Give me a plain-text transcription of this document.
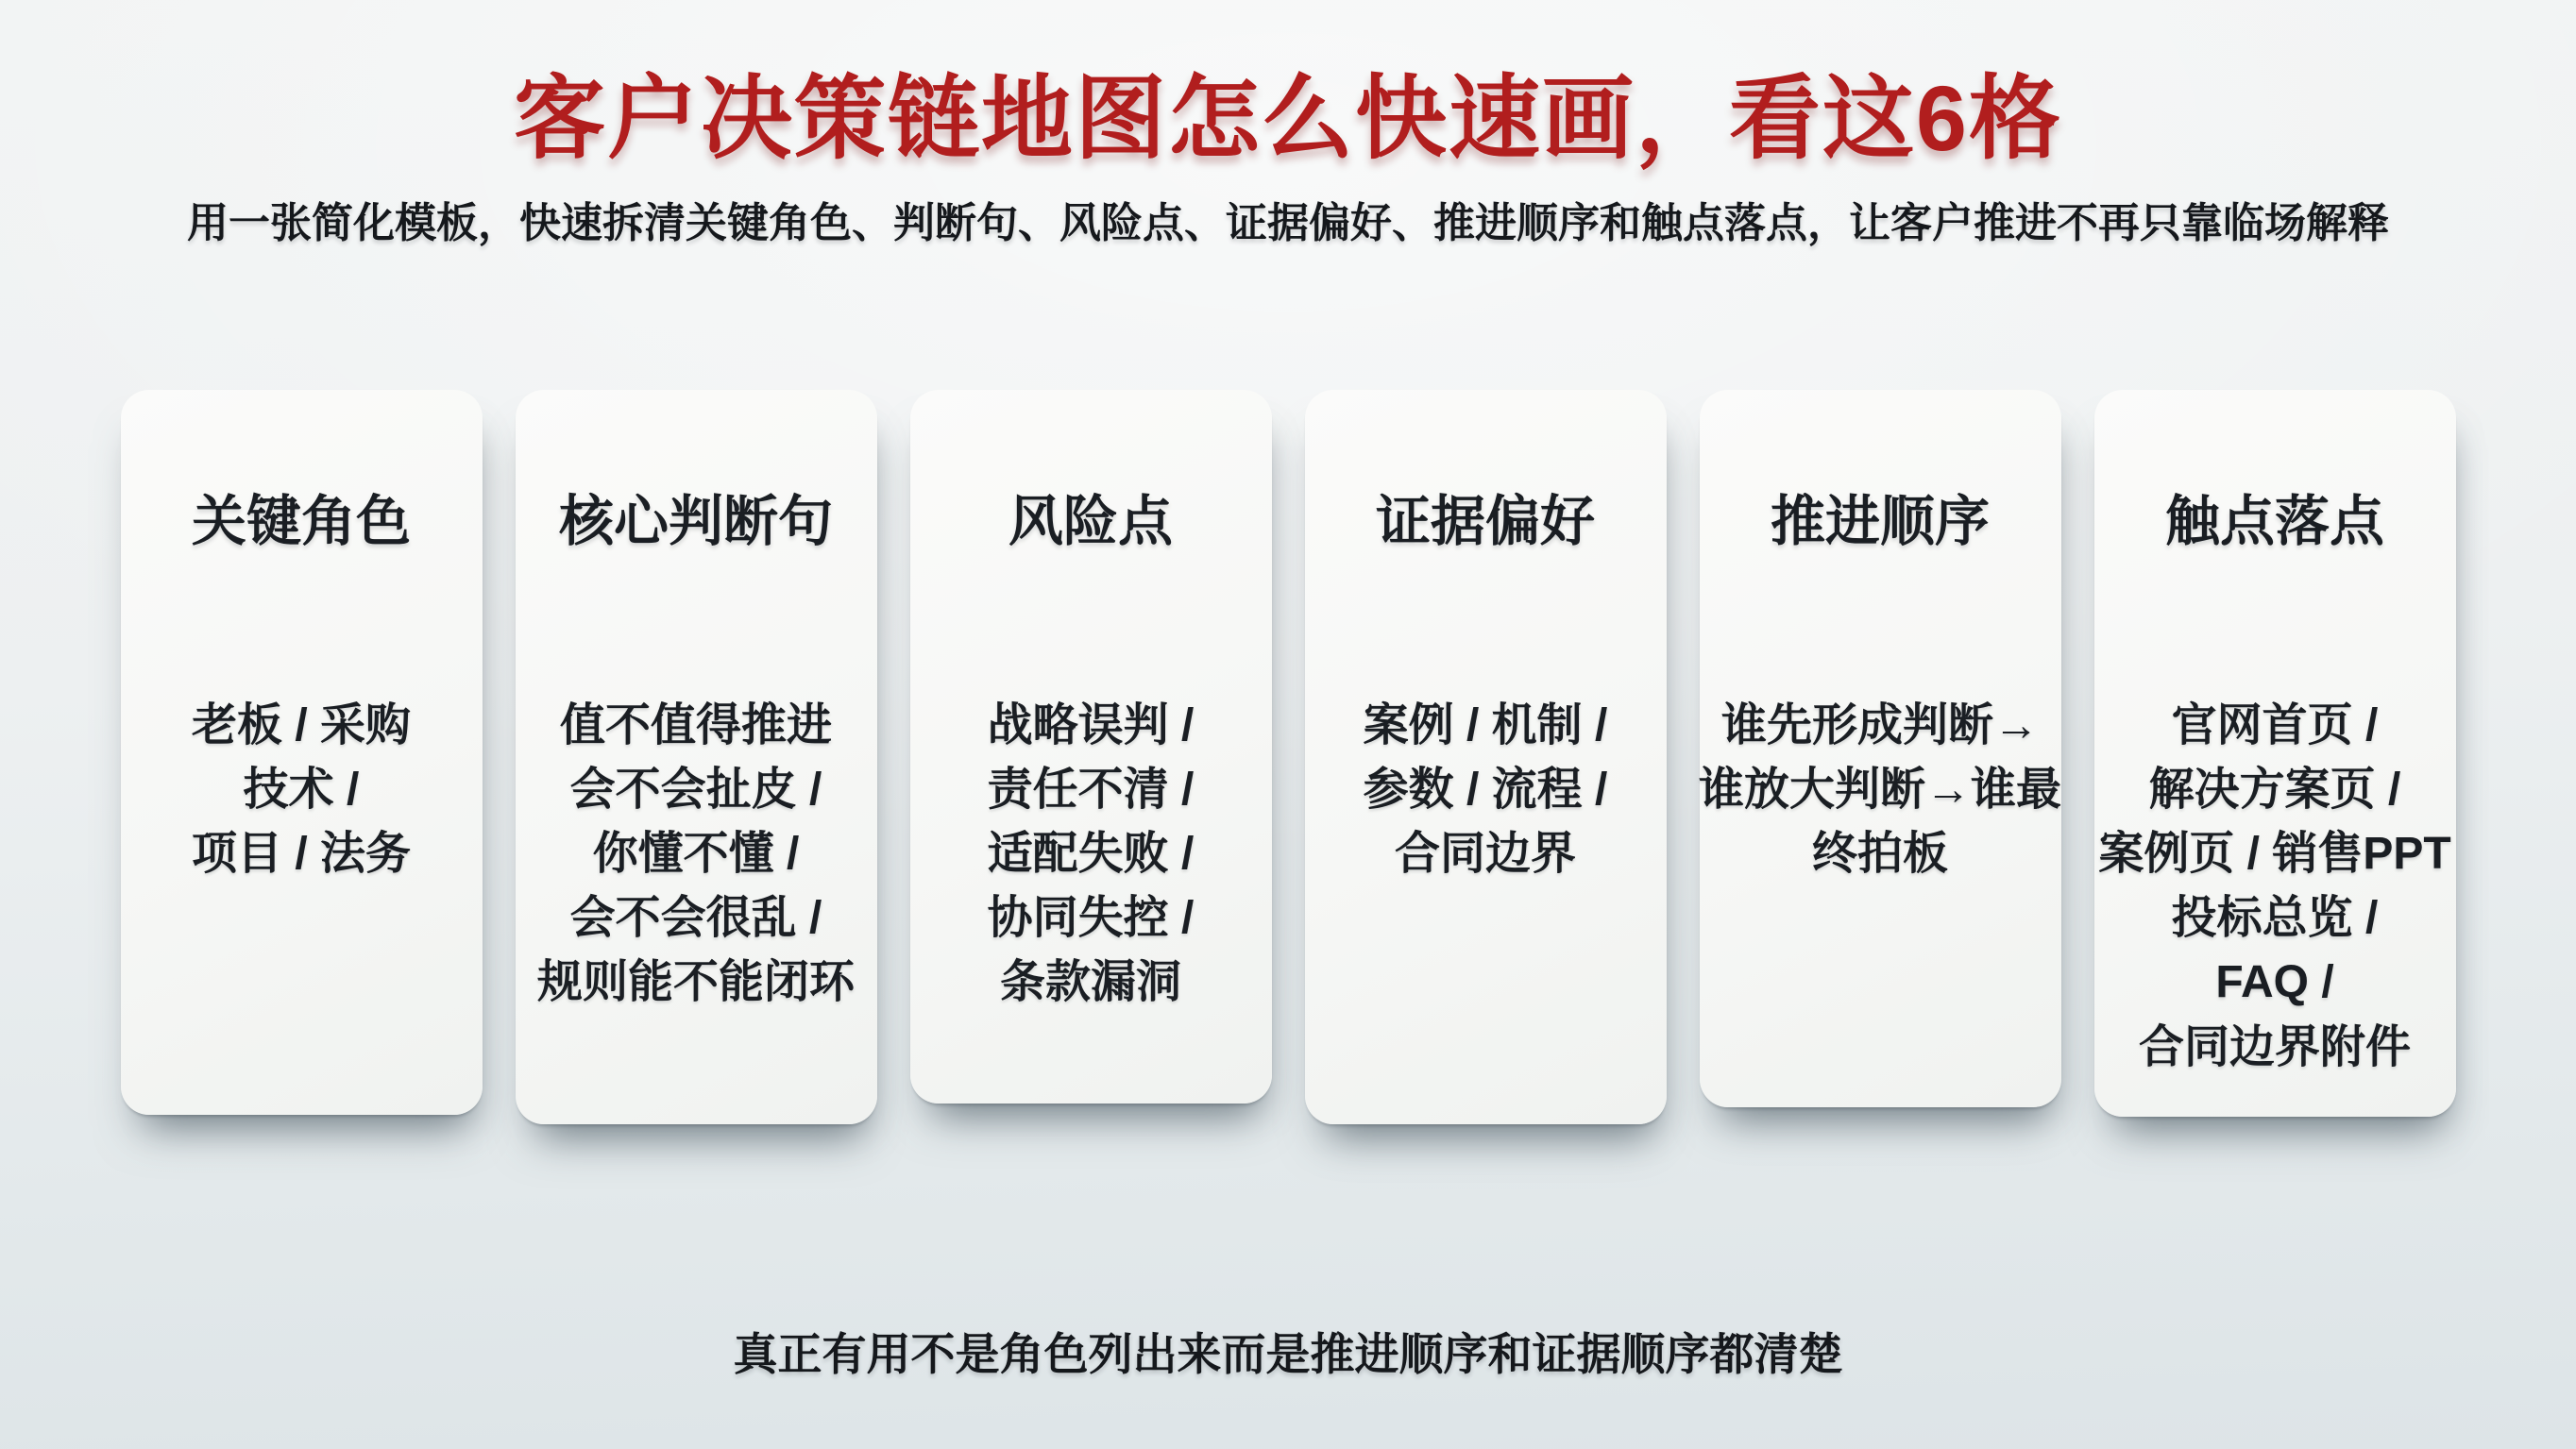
客户决策链地图怎么快速画，看这6格

用一张简化模板，快速拆清关键角色、判断句、风险点、证据偏好、推进顺序和触点落点，让客户推进不再只靠临场解释

关键角色
老板 / 采购
技术 /
项目 / 法务
核心判断句
值不值得推进
会不会扯皮 /
你懂不懂 /
会不会很乱 /
规则能不能闭环
风险点
战略误判 /
责任不清 /
适配失败 /
协同失控 /
条款漏洞
证据偏好
案例 / 机制 /
参数 / 流程 /
合同边界
推进顺序
谁先形成判断→
谁放大判断→谁最
终拍板
触点落点
官网首页 /
解决方案页 /
案例页 / 销售PPT
投标总览 /
FAQ /
合同边界附件

真正有用不是角色列出来而是推进顺序和证据顺序都清楚
